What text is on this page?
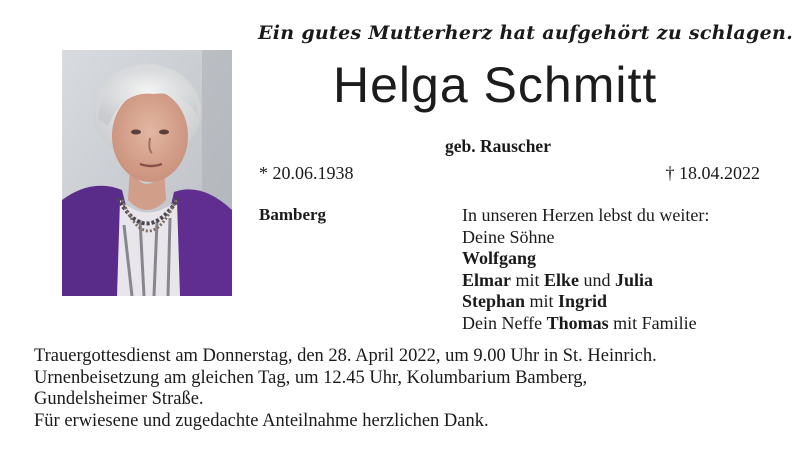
Ein gutes Mutterherz hat aufgehört zu schlagen.
Helga Schmitt
geb. Rauscher
* 20.06.1938	† 18.04.2022
Bamberg	In unseren Herzen lebst du weiter:
Deine Söhne
Wolfgang
Elmar mit Elke und Julia
Stephan mit Ingrid
Dein Neffe Thomas mit Familie
Trauergottesdienst am Donnerstag, den 28. April 2022, um 9.00 Uhr in St. Heinrich.
Urnenbeisetzung am gleichen Tag, um 12.45 Uhr, Kolumbarium Bamberg,
Gundelsheimer Straße.
Für erwiesene und zugedachte Anteilnahme herzlichen Dank.
